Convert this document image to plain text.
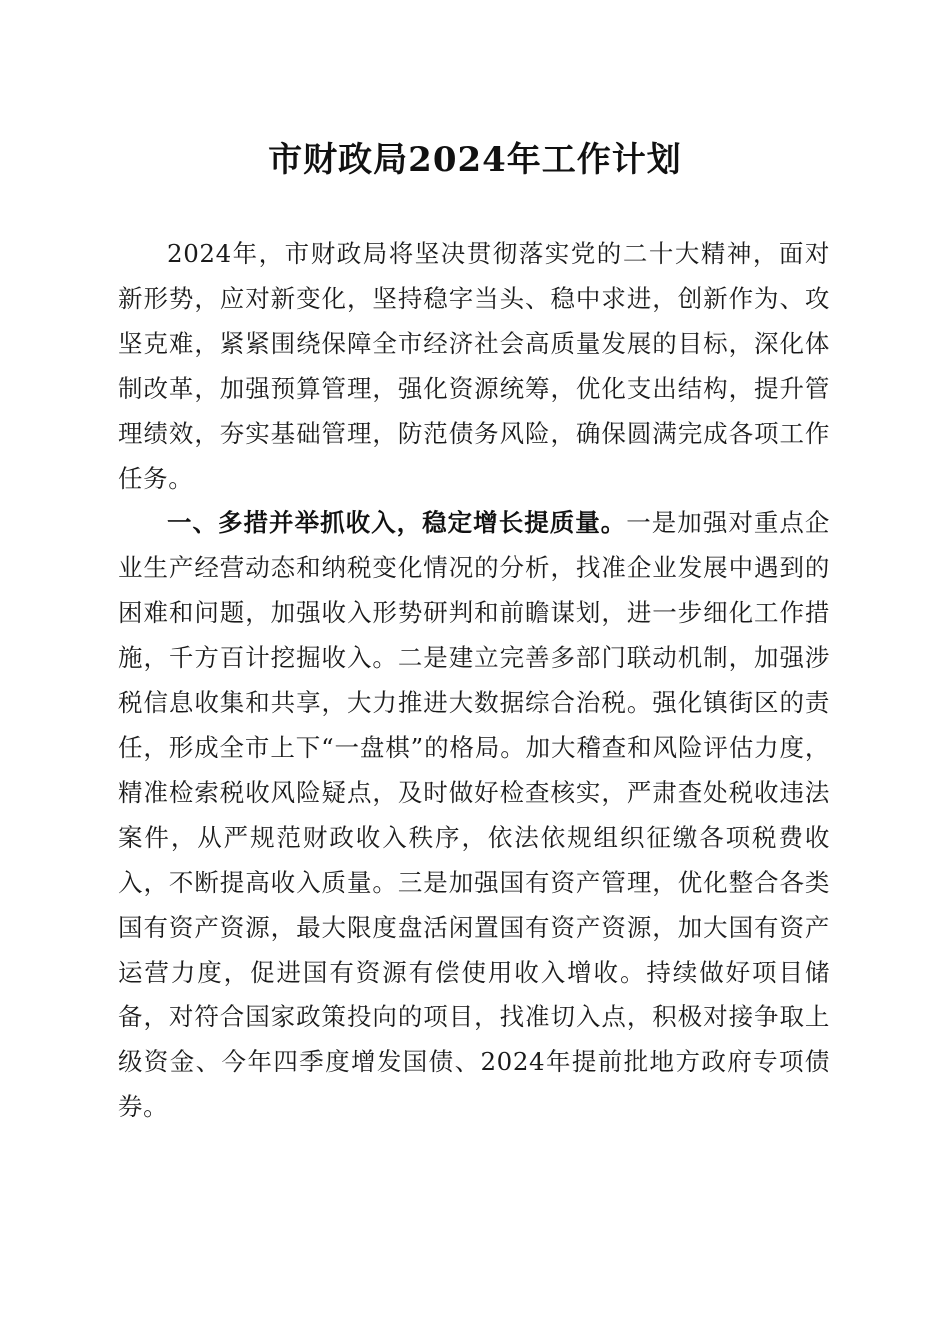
市财政局2024年工作计划

2024年，市财政局将坚决贯彻落实党的二十大精神，面对新形势，应对新变化，坚持稳字当头、稳中求进，创新作为、攻坚克难，紧紧围绕保障全市经济社会高质量发展的目标，深化体制改革，加强预算管理，强化资源统筹，优化支出结构，提升管理绩效，夯实基础管理，防范债务风险，确保圆满完成各项工作任务。

一、多措并举抓收入，稳定增长提质量。一是加强对重点企业生产经营动态和纳税变化情况的分析，找准企业发展中遇到的困难和问题，加强收入形势研判和前瞻谋划，进一步细化工作措施，千方百计挖掘收入。二是建立完善多部门联动机制，加强涉税信息收集和共享，大力推进大数据综合治税。强化镇街区的责任，形成全市上下“一盘棋”的格局。加大稽查和风险评估力度，精准检索税收风险疑点，及时做好检查核实，严肃查处税收违法案件，从严规范财政收入秩序，依法依规组织征缴各项税费收入，不断提高收入质量。三是加强国有资产管理，优化整合各类国有资产资源，最大限度盘活闲置国有资产资源，加大国有资产运营力度，促进国有资源有偿使用收入增收。持续做好项目储备，对符合国家政策投向的项目，找准切入点，积极对接争取上级资金、今年四季度增发国债、2024年提前批地方政府专项债券。
